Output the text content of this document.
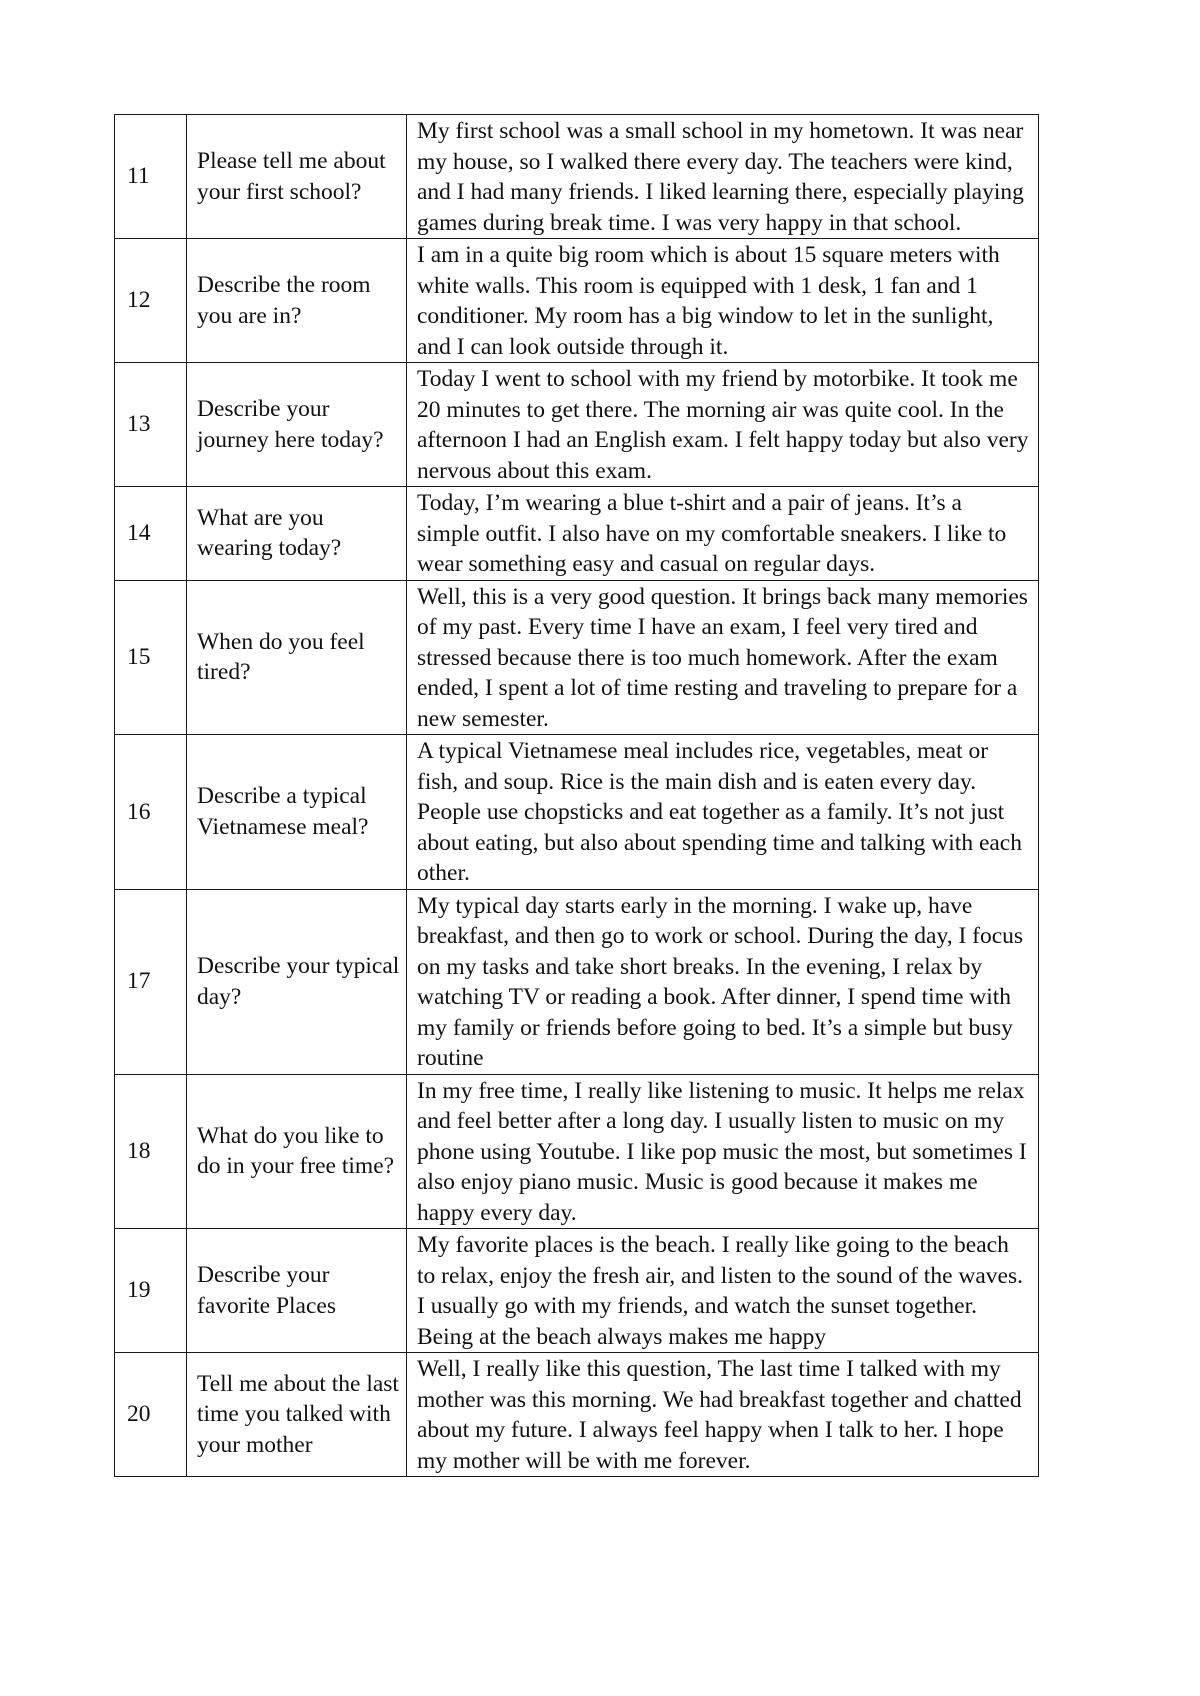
11	Please tell me about your first school?	My first school was a small school in my hometown. It was near my house, so I walked there every day. The teachers were kind, and I had many friends. I liked learning there, especially playing games during break time. I was very happy in that school.
12	Describe the room you are in?	I am in a quite big room which is about 15 square meters with white walls. This room is equipped with 1 desk, 1 fan and 1 conditioner. My room has a big window to let in the sunlight, and I can look outside through it.
13	Describe your journey here today?	Today I went to school with my friend by motorbike. It took me 20 minutes to get there. The morning air was quite cool. In the afternoon I had an English exam. I felt happy today but also very nervous about this exam.
14	What are you wearing today?	Today, I’m wearing a blue t-shirt and a pair of jeans. It’s a simple outfit. I also have on my comfortable sneakers. I like to wear something easy and casual on regular days.
15	When do you feel tired?	Well, this is a very good question. It brings back many memories of my past. Every time I have an exam, I feel very tired and stressed because there is too much homework. After the exam ended, I spent a lot of time resting and traveling to prepare for a new semester.
16	Describe a typical Vietnamese meal?	A typical Vietnamese meal includes rice, vegetables, meat or fish, and soup. Rice is the main dish and is eaten every day. People use chopsticks and eat together as a family. It’s not just about eating, but also about spending time and talking with each other.
17	Describe your typical day?	My typical day starts early in the morning. I wake up, have breakfast, and then go to work or school. During the day, I focus on my tasks and take short breaks. In the evening, I relax by watching TV or reading a book. After dinner, I spend time with my family or friends before going to bed. It’s a simple but busy routine
18	What do you like to do in your free time?	In my free time, I really like listening to music. It helps me relax and feel better after a long day. I usually listen to music on my phone using Youtube. I like pop music the most, but sometimes I also enjoy piano music. Music is good because it makes me happy every day.
19	Describe your favorite Places	My favorite places is the beach. I really like going to the beach to relax, enjoy the fresh air, and listen to the sound of the waves. I usually go with my friends, and watch the sunset together. Being at the beach always makes me happy
20	Tell me about the last time you talked with your mother	Well, I really like this question, The last time I talked with my mother was this morning. We had breakfast together and chatted about my future. I always feel happy when I talk to her. I hope my mother will be with me forever.
